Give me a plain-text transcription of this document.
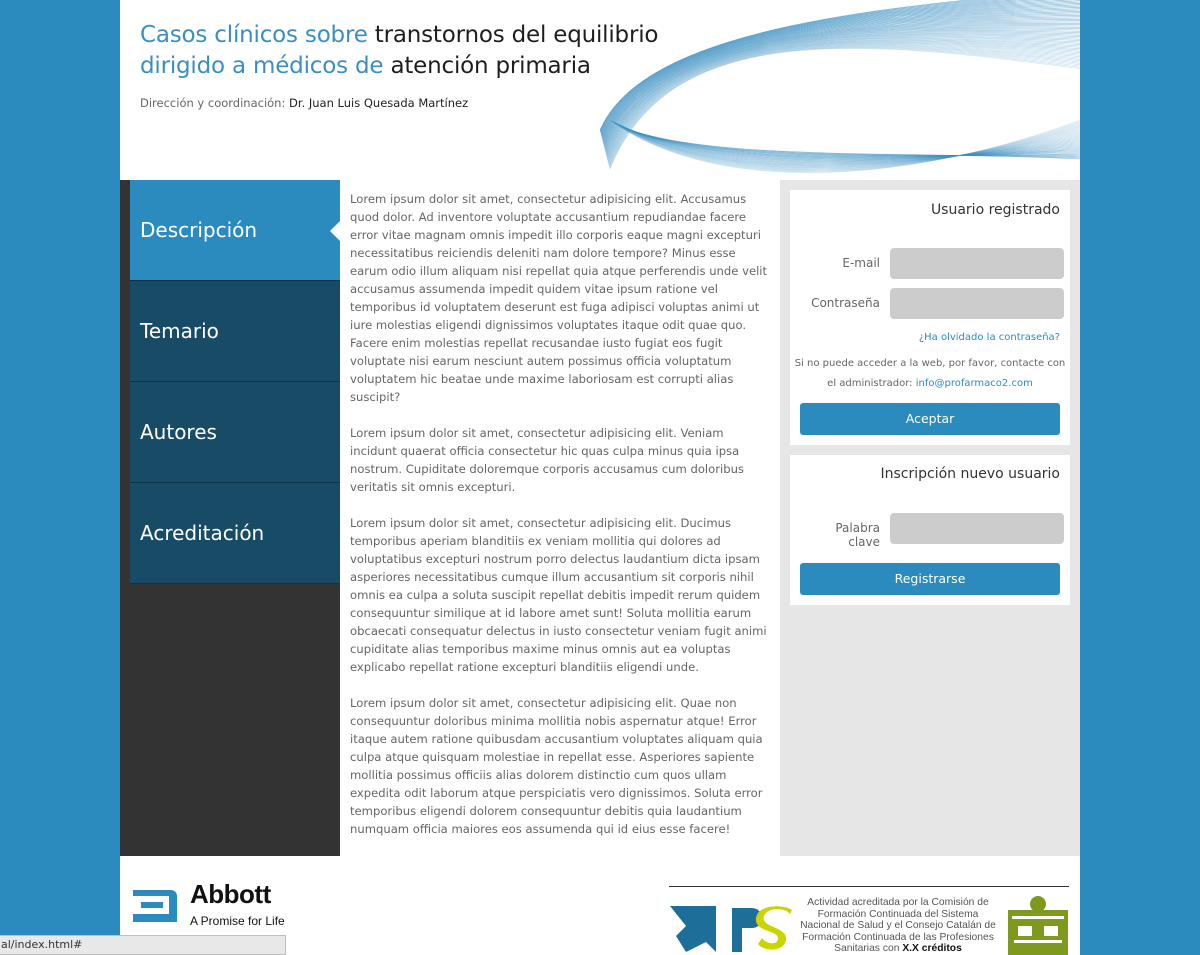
Casos clínicos sobre transtornos del equilibrio
dirigido a médicos de atención primaria
Dirección y coordinación: Dr. Juan Luis Quesada Martínez
Descripción
Temario
Autores
Acreditación

Lorem ipsum dolor sit amet, consectetur adipisicing elit. Accusamus quod dolor. Ad inventore voluptate accusantium repudiandae facere error vitae magnam omnis impedit illo corporis eaque magni excepturi necessitatibus reiciendis deleniti nam dolore tempore? Minus esse earum odio illum aliquam nisi repellat quia atque perferendis unde velit accusamus assumenda impedit quidem vitae ipsum ratione vel temporibus id voluptatem deserunt est fuga adipisci voluptas animi ut iure molestias eligendi dignissimos voluptates itaque odit quae quo. Facere enim molestias repellat recusandae iusto fugiat eos fugit voluptate nisi earum nesciunt autem possimus officia voluptatum voluptatem hic beatae unde maxime laboriosam est corrupti alias suscipit?

Lorem ipsum dolor sit amet, consectetur adipisicing elit. Veniam incidunt quaerat officia consectetur hic quas culpa minus quia ipsa nostrum. Cupiditate doloremque corporis accusamus cum doloribus veritatis sit omnis excepturi.

Lorem ipsum dolor sit amet, consectetur adipisicing elit. Ducimus temporibus aperiam blanditiis ex veniam mollitia qui dolores ad voluptatibus excepturi nostrum porro delectus laudantium dicta ipsam asperiores necessitatibus cumque illum accusantium sit corporis nihil omnis ea culpa a soluta suscipit repellat debitis impedit rerum quidem consequuntur similique at id labore amet sunt! Soluta mollitia earum obcaecati consequatur delectus in iusto consectetur veniam fugit animi cupiditate alias temporibus maxime minus omnis aut ea voluptas explicabo repellat ratione excepturi blanditiis eligendi unde.

Lorem ipsum dolor sit amet, consectetur adipisicing elit. Quae non consequuntur doloribus minima mollitia nobis aspernatur atque! Error itaque autem ratione quibusdam accusantium voluptates aliquam quia culpa atque quisquam molestiae in repellat esse. Asperiores sapiente mollitia possimus officiis alias dolorem distinctio cum quos ullam expedita odit laborum atque perspiciatis vero dignissimos. Soluta error temporibus eligendi dolorem consequuntur debitis quia laudantium numquam officia maiores eos assumenda qui id eius esse facere!

Usuario registrado
E-mail
Contraseña
¿Ha olvidado la contraseña?
Si no puede acceder a la web, por favor, contacte con el administrador: info@profarmaco2.com
Aceptar
Inscripción nuevo usuario
Palabra clave
Registrarse
Abbott
A Promise for Life
Actividad acreditada por la Comisión de Formación Continuada del Sistema Nacional de Salud y el Consejo Catalán de Formación Continuada de las Profesiones Sanitarias con X.X créditos
al/index.html#
